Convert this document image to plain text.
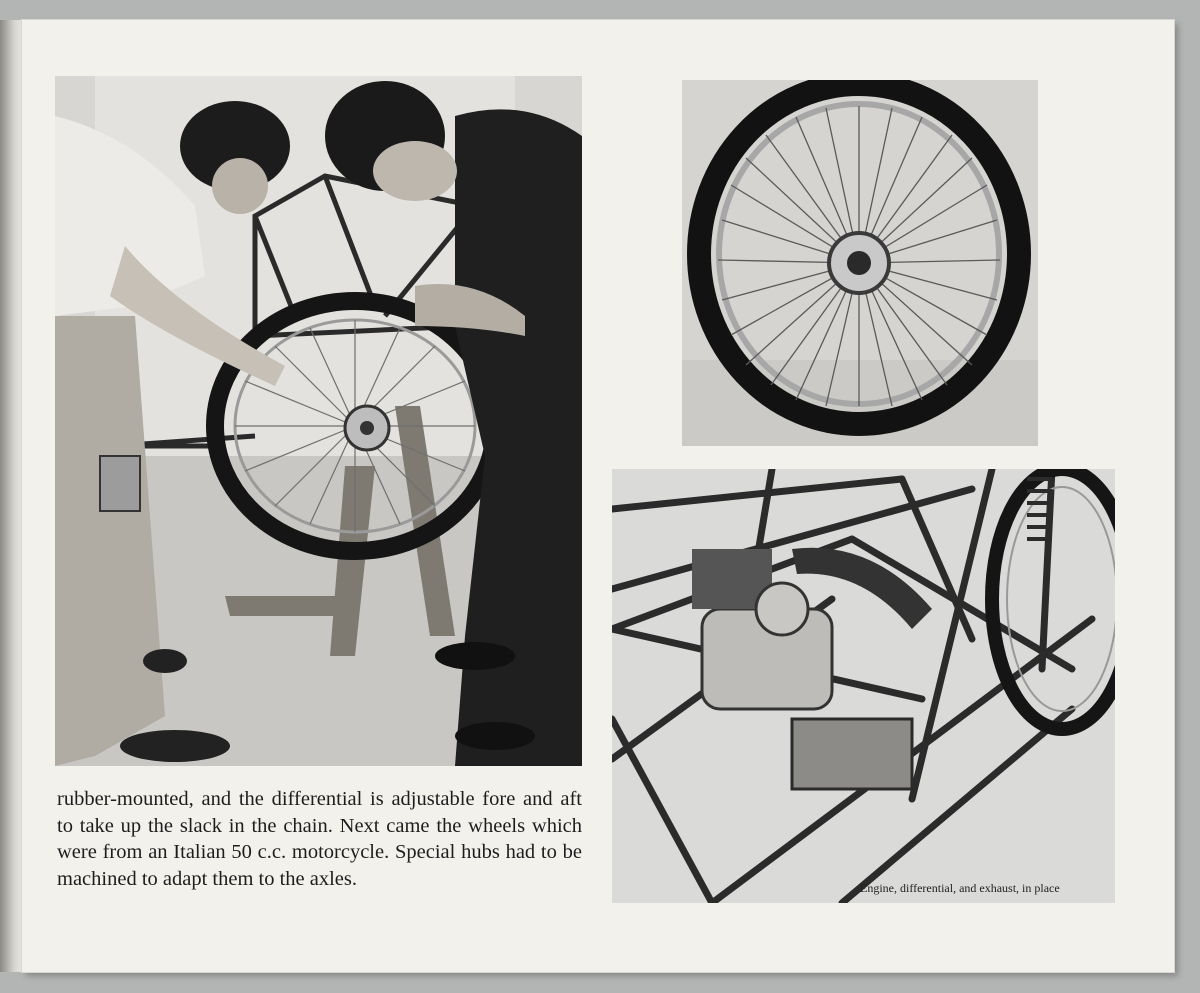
rubber-mounted, and the differential is adjustable fore and aft to take up the slack in the chain. Next came the wheels which were from an Italian 50 c.c. motorcycle. Special hubs had to be machined to adapt them to the axles.	Engine, differential, and exhaust, in place
